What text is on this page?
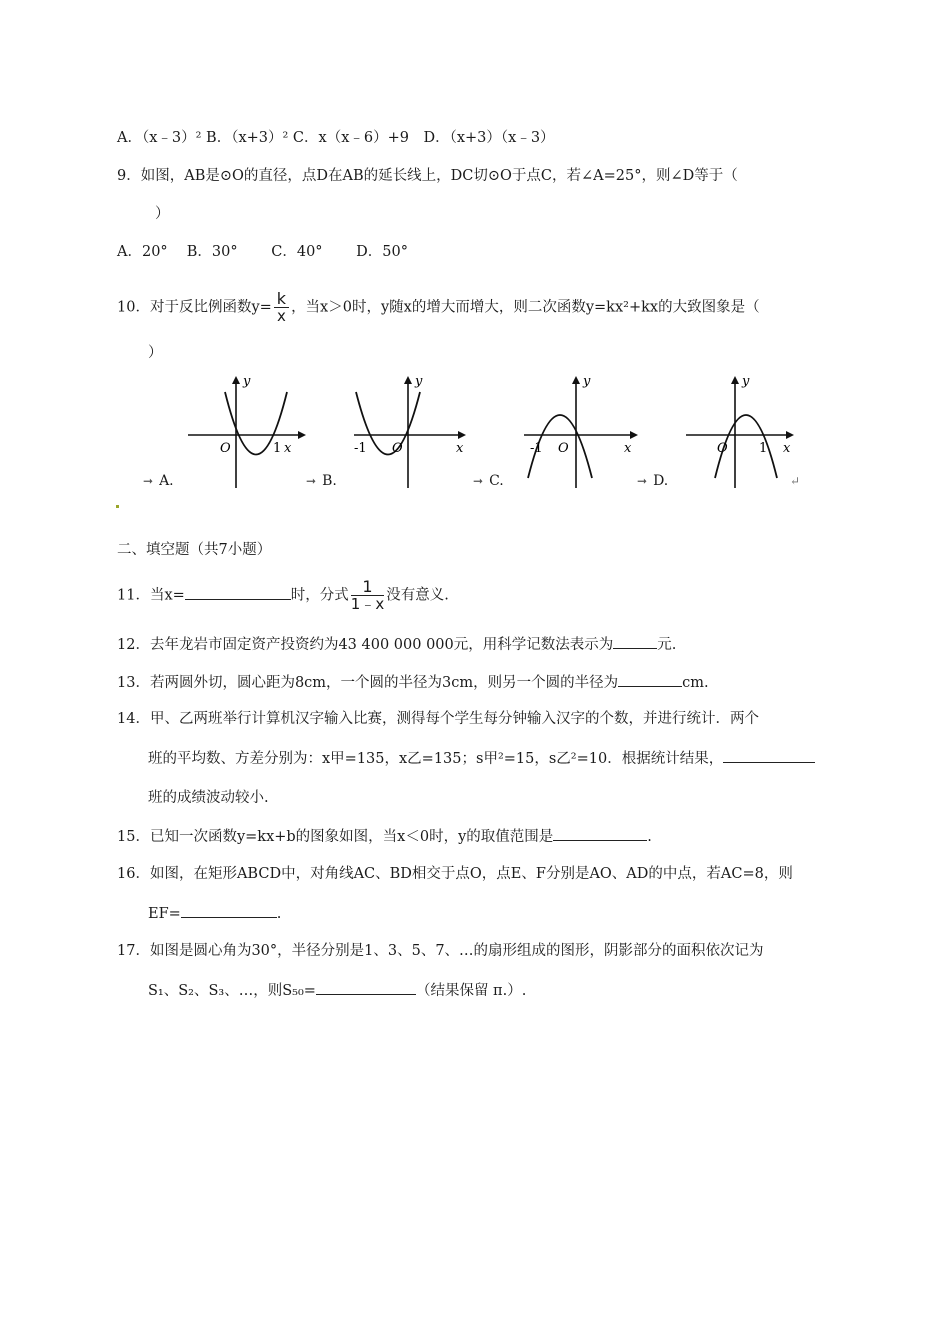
A．（x﹣3）² B．（x+3）² C．x（x﹣6）+9　D．（x+3）（x﹣3）
9．如图，AB是⊙O的直径，点D在AB的延长线上，DC切⊙O于点C，若∠A=25°，则∠D等于（
）
A．20°　 B．30°　　 C．40°　　 D．50°
10．对于反比例函数$y= \frac{k}{x}$ ，当x＞0时，y随x的增大而增大，则二次函数y=kx²+kx的大致图象是（
）
y
x
O	1
y
x
O
-1
y
x
O
-1
y
x
O 1
➞ A.	➞ B.	➞ C.	➞ D.	↵
二、填空题（共7小题）
11．当x=	时，分式 $\frac{1}{1﹣x}$ 没有意义.
12．去年龙岩市固定资产投资约为43 400 000 000元，用科学记数法表示为	元.
13．若两圆外切，圆心距为8cm，一个圆的半径为3cm，则另一个圆的半径为	cm.
14．甲、乙两班举行计算机汉字输入比赛，测得每个学生每分钟输入汉字的个数，并进行统计．两个
班的平均数、方差分别为：x甲=135，x乙=135；s甲²=15，s乙²=10．根据统计结果，
班的成绩波动较小.
15．已知一次函数y=kx+b的图象如图，当x＜0时，y的取值范围是	.
16．如图，在矩形ABCD中，对角线AC、BD相交于点O，点E、F分别是AO、AD的中点，若AC=8，则
EF=	.
17．如图是圆心角为30°，半径分别是1、3、5、7、…的扇形组成的图形，阴影部分的面积依次记为
S₁、S₂、S₃、…，则S₅₀=	（结果保留 π.）.
